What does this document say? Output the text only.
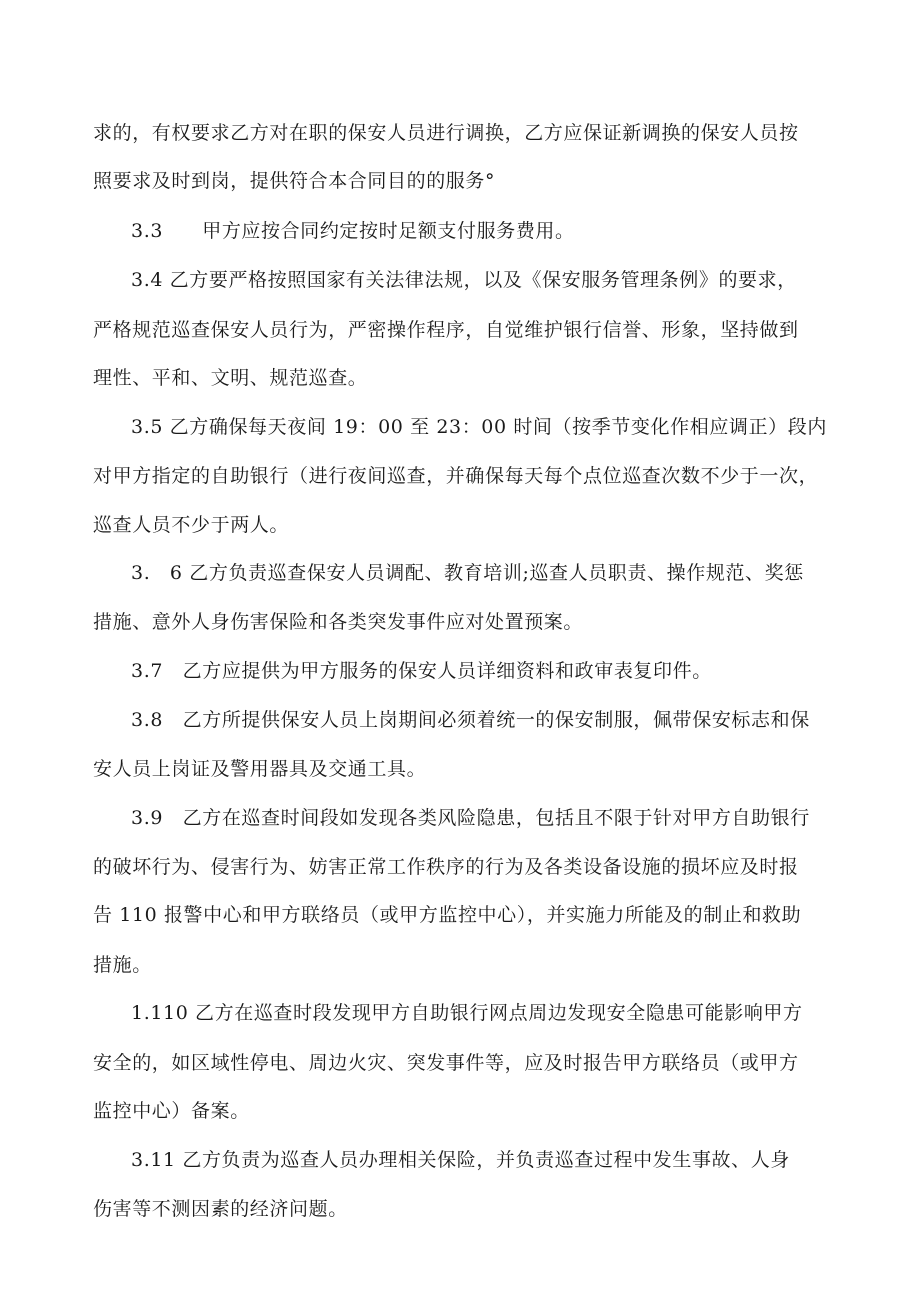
求的，有权要求乙方对在职的保安人员进行调换，乙方应保证新调换的保安人员按
照要求及时到岗，提供符合本合同目的的服务°
3.3　　甲方应按合同约定按时足额支付服务费用。
3.4 乙方要严格按照国家有关法律法规，以及《保安服务管理条例》的要求，
严格规范巡查保安人员行为，严密操作程序，自觉维护银行信誉、形象，坚持做到
理性、平和、文明、规范巡查。
3.5 乙方确保每天夜间 19：00 至 23：00 时间（按季节变化作相应调正）段内
对甲方指定的自助银行（进行夜间巡查，并确保每天每个点位巡查次数不少于一次，
巡查人员不少于两人。
3.　6 乙方负责巡查保安人员调配、教育培训;巡查人员职责、操作规范、奖惩
措施、意外人身伤害保险和各类突发事件应对处置预案。
3.7　乙方应提供为甲方服务的保安人员详细资料和政审表复印件。
3.8　乙方所提供保安人员上岗期间必须着统一的保安制服，佩带保安标志和保
安人员上岗证及警用器具及交通工具。
3.9　乙方在巡查时间段如发现各类风险隐患，包括且不限于针对甲方自助银行
的破坏行为、侵害行为、妨害正常工作秩序的行为及各类设备设施的损坏应及时报
告 110 报警中心和甲方联络员（或甲方监控中心），并实施力所能及的制止和救助
措施。
1.110 乙方在巡查时段发现甲方自助银行网点周边发现安全隐患可能影响甲方
安全的，如区域性停电、周边火灾、突发事件等，应及时报告甲方联络员（或甲方
监控中心）备案。
3.11 乙方负责为巡查人员办理相关保险，并负责巡查过程中发生事故、人身
伤害等不测因素的经济问题。
